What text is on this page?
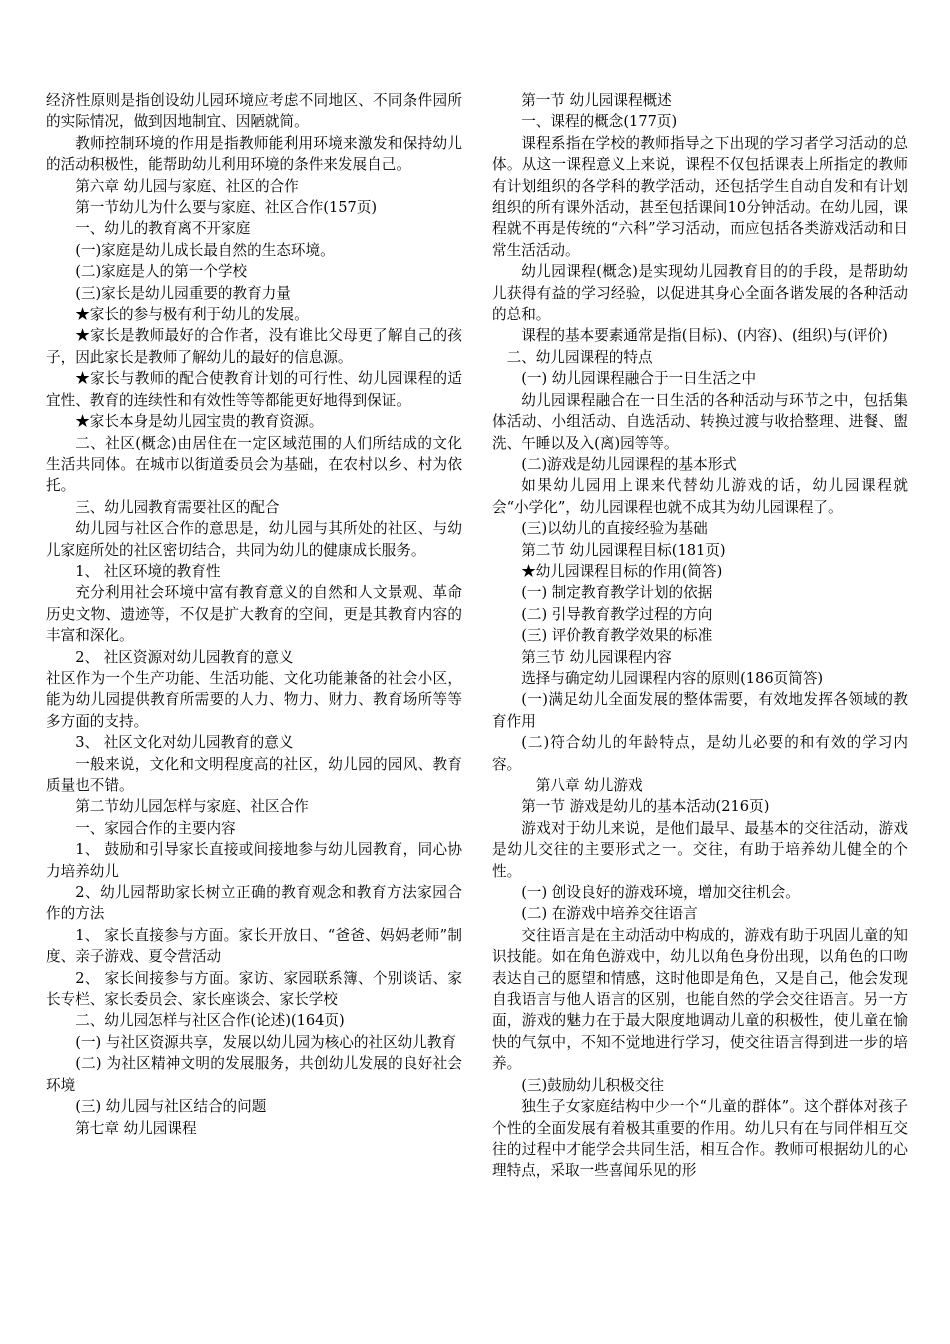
经济性原则是指创设幼儿园环境应考虑不同地区、不同条件园所的实际情况，做到因地制宜、因陋就简。

教师控制环境的作用是指教师能利用环境来激发和保持幼儿的活动积极性，能帮助幼儿利用环境的条件来发展自己。

第六章 幼儿园与家庭、社区的合作

第一节幼儿为什么要与家庭、社区合作(157页)

一、幼儿的教育离不开家庭

(一)家庭是幼儿成长最自然的生态环境。

(二)家庭是人的第一个学校

(三)家长是幼儿园重要的教育力量

★家长的参与极有利于幼儿的发展。

★家长是教师最好的合作者，没有谁比父母更了解自己的孩子，因此家长是教师了解幼儿的最好的信息源。

★家长与教师的配合使教育计划的可行性、幼儿园课程的适宜性、教育的连续性和有效性等等都能更好地得到保证。

★家长本身是幼儿园宝贵的教育资源。

二、社区(概念)由居住在一定区域范围的人们所结成的文化生活共同体。在城市以街道委员会为基础，在农村以乡、村为依托。

三、幼儿园教育需要社区的配合

幼儿园与社区合作的意思是，幼儿园与其所处的社区、与幼儿家庭所处的社区密切结合，共同为幼儿的健康成长服务。

1、 社区环境的教育性

充分利用社会环境中富有教育意义的自然和人文景观、革命历史文物、遗迹等，不仅是扩大教育的空间，更是其教育内容的丰富和深化。

2、 社区资源对幼儿园教育的意义

社区作为一个生产功能、生活功能、文化功能兼备的社会小区，能为幼儿园提供教育所需要的人力、物力、财力、教育场所等等多方面的支持。

3、 社区文化对幼儿园教育的意义

一般来说，文化和文明程度高的社区，幼儿园的园风、教育质量也不错。

第二节幼儿园怎样与家庭、社区合作

一、家园合作的主要内容

1、 鼓励和引导家长直接或间接地参与幼儿园教育，同心协力培养幼儿

2、幼儿园帮助家长树立正确的教育观念和教育方法家园合作的方法

1、 家长直接参与方面。家长开放日、“爸爸、妈妈老师”制度、亲子游戏、夏令营活动

2、 家长间接参与方面。家访、家园联系簿、个别谈话、家长专栏、家长委员会、家长座谈会、家长学校

二、幼儿园怎样与社区合作(论述)(164页)

(一) 与社区资源共享，发展以幼儿园为核心的社区幼儿教育

(二) 为社区精神文明的发展服务，共创幼儿发展的良好社会环境

(三) 幼儿园与社区结合的问题

第七章 幼儿园课程

第一节 幼儿园课程概述

一、课程的概念(177页)

课程系指在学校的教师指导之下出现的学习者学习活动的总体。从这一课程意义上来说，课程不仅包括课表上所指定的教师有计划组织的各学科的教学活动，还包括学生自动自发和有计划组织的所有课外活动，甚至包括课间10分钟活动。在幼儿园，课程就不再是传统的“六科”学习活动，而应包括各类游戏活动和日常生活活动。

幼儿园课程(概念)是实现幼儿园教育目的的手段，是帮助幼儿获得有益的学习经验，以促进其身心全面各谐发展的各种活动的总和。

课程的基本要素通常是指(目标)、(内容)、(组织)与(评价)

二、幼儿园课程的特点

(一) 幼儿园课程融合于一日生活之中

幼儿园课程融合在一日生活的各种活动与环节之中，包括集体活动、小组活动、自选活动、转换过渡与收拾整理、进餐、盥洗、午睡以及入(离)园等等。

(二)游戏是幼儿园课程的基本形式

如果幼儿园用上课来代替幼儿游戏的话，幼儿园课程就会“小学化”，幼儿园课程也就不成其为幼儿园课程了。

(三)以幼儿的直接经验为基础

第二节 幼儿园课程目标(181页)

★幼儿园课程目标的作用(简答)

(一) 制定教育教学计划的依据

(二) 引导教育教学过程的方向

(三) 评价教育教学效果的标准

第三节 幼儿园课程内容

选择与确定幼儿园课程内容的原则(186页简答)

(一)满足幼儿全面发展的整体需要，有效地发挥各领域的教育作用

(二)符合幼儿的年龄特点，是幼儿必要的和有效的学习内容。

第八章 幼儿游戏

第一节 游戏是幼儿的基本活动(216页)

游戏对于幼儿来说，是他们最早、最基本的交往活动，游戏是幼儿交往的主要形式之一。交往，有助于培养幼儿健全的个性。

(一) 创设良好的游戏环境，增加交往机会。

(二) 在游戏中培养交往语言

交往语言是在主动活动中构成的，游戏有助于巩固儿童的知识技能。如在角色游戏中，幼儿以角色身份出现，以角色的口吻表达自己的愿望和情感，这时他即是角色，又是自己，他会发现自我语言与他人语言的区别，也能自然的学会交往语言。另一方面，游戏的魅力在于最大限度地调动儿童的积极性，使儿童在愉快的气氛中，不知不觉地进行学习，使交往语言得到进一步的培养。

(三)鼓励幼儿积极交往

独生子女家庭结构中少一个“儿童的群体”。这个群体对孩子个性的全面发展有着极其重要的作用。幼儿只有在与同伴相互交往的过程中才能学会共同生活，相互合作。教师可根据幼儿的心理特点，采取一些喜闻乐见的形
